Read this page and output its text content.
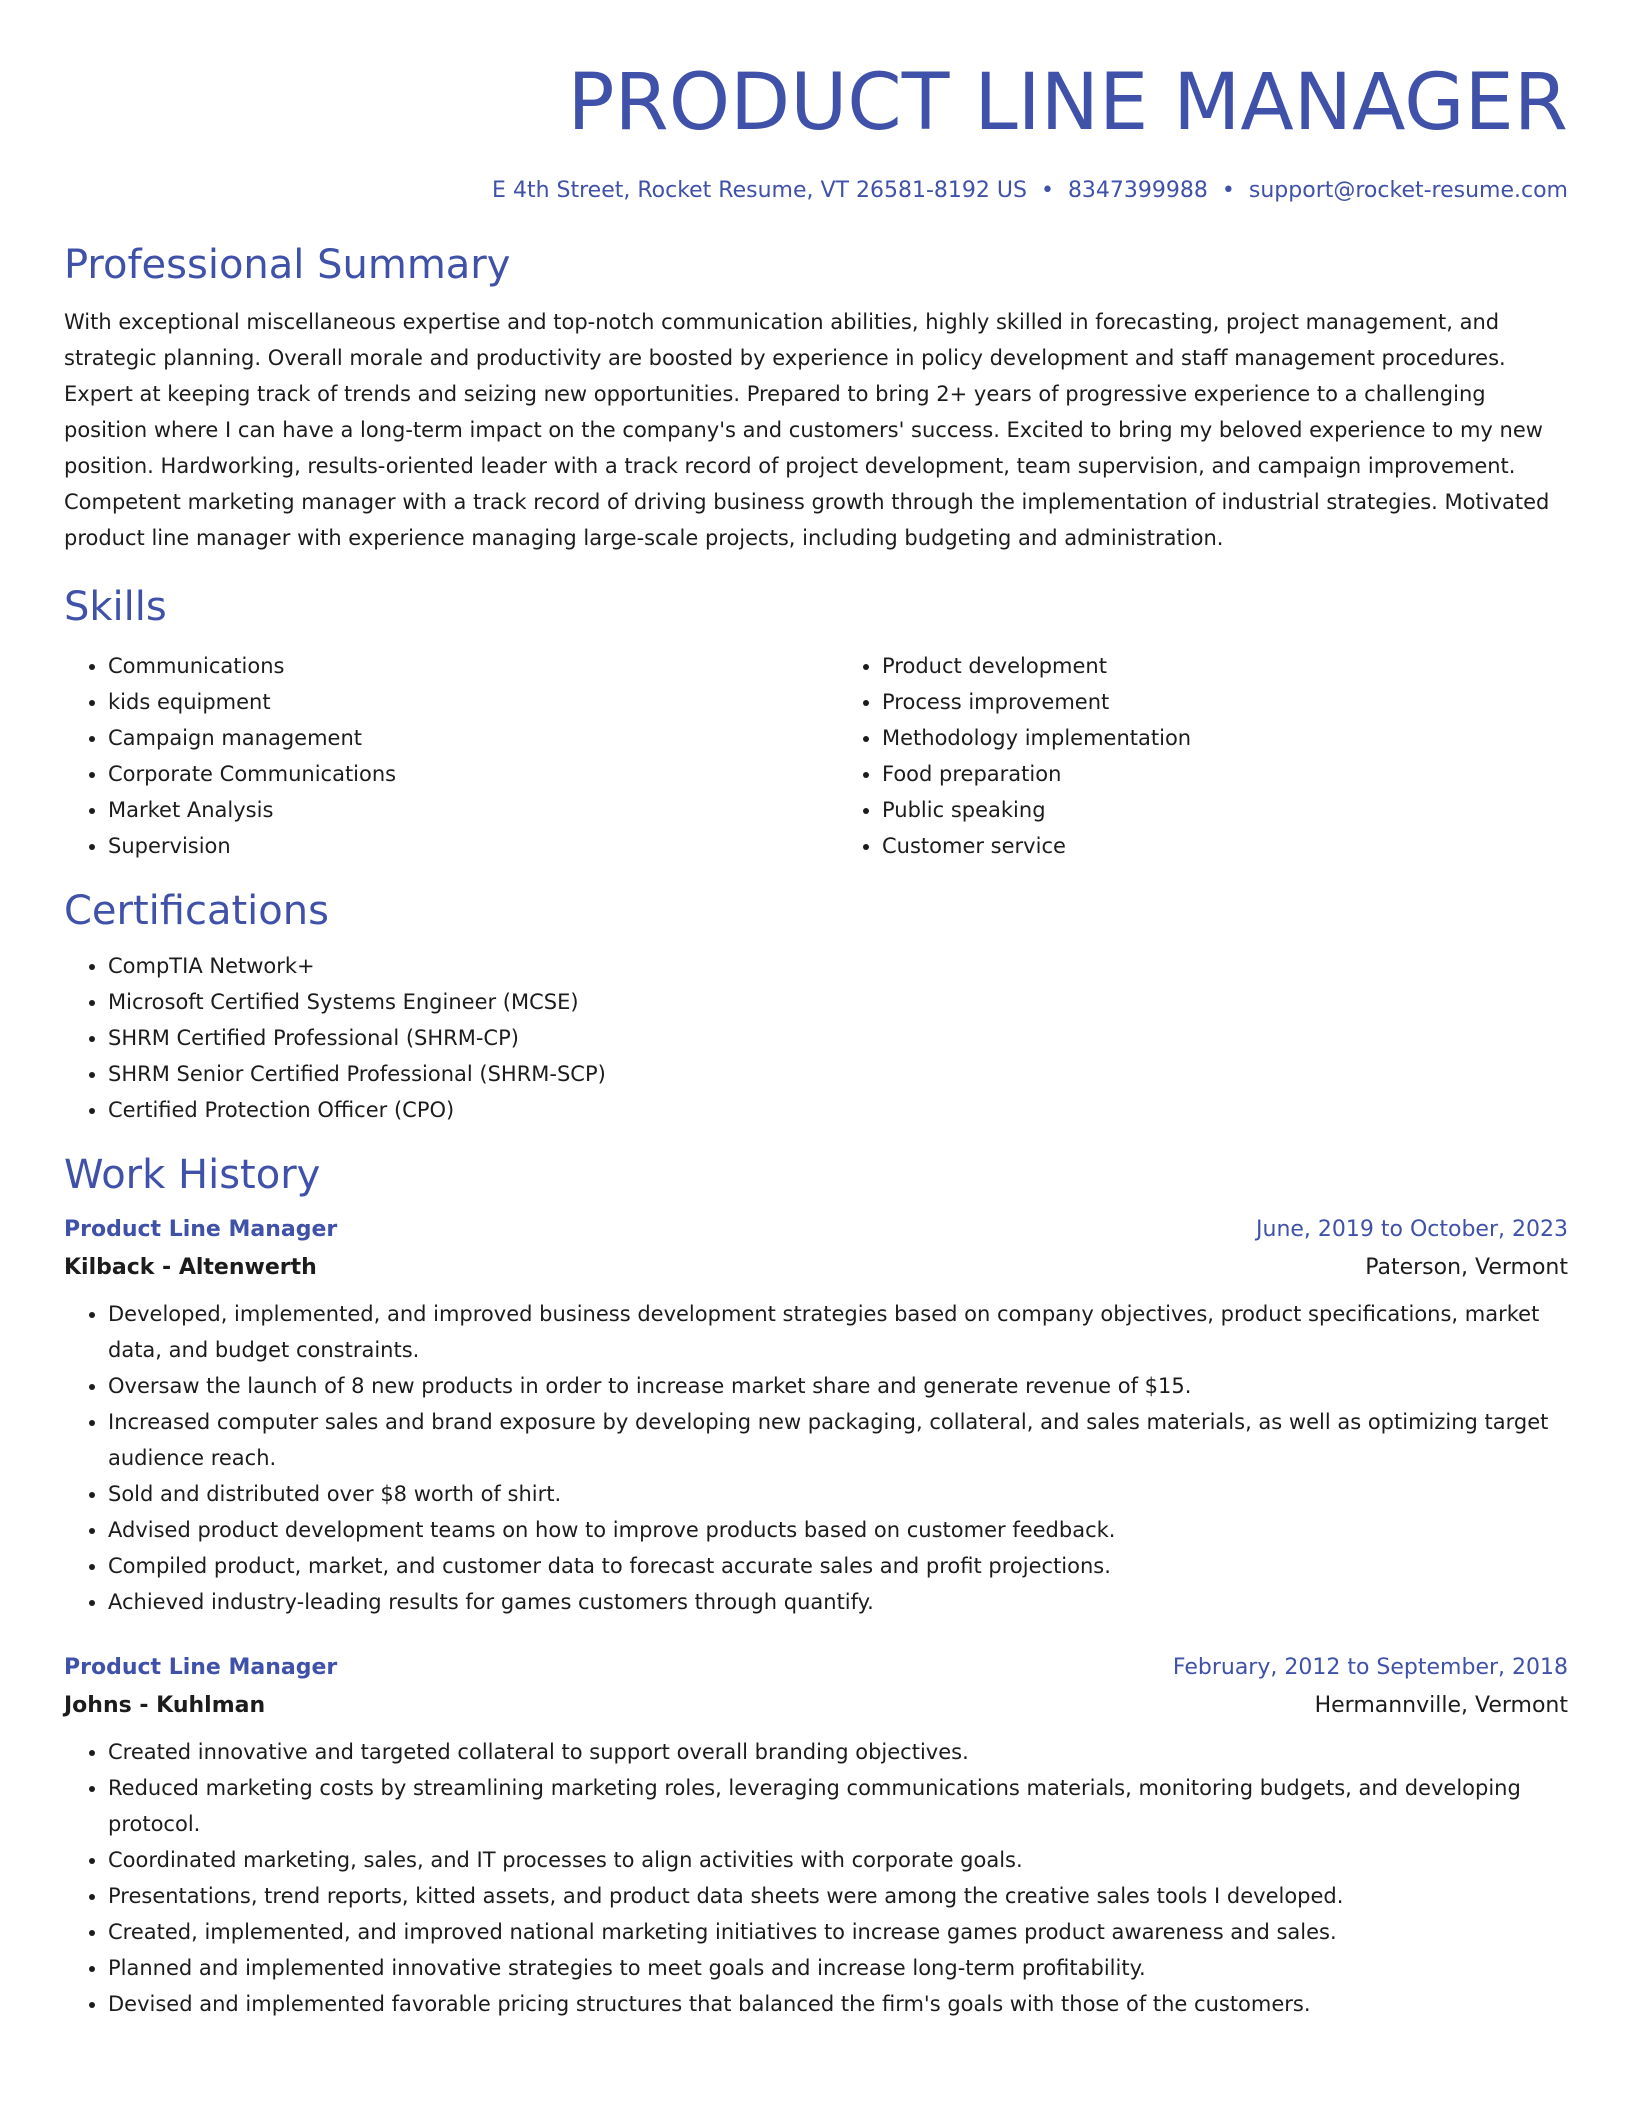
PRODUCT LINE MANAGER
E 4th Street, Rocket Resume, VT 26581-8192 US • 8347399988 • support@rocket-resume.com
Professional Summary
With exceptional miscellaneous expertise and top-notch communication abilities, highly skilled in forecasting, project management, and strategic planning. Overall morale and productivity are boosted by experience in policy development and staff management procedures. Expert at keeping track of trends and seizing new opportunities. Prepared to bring 2+ years of progressive experience to a challenging position where I can have a long-term impact on the company's and customers' success. Excited to bring my beloved experience to my new position. Hardworking, results-oriented leader with a track record of project development, team supervision, and campaign improvement. Competent marketing manager with a track record of driving business growth through the implementation of industrial strategies. Motivated product line manager with experience managing large-scale projects, including budgeting and administration.
Skills
• Communications
• kids equipment
• Campaign management
• Corporate Communications
• Market Analysis
• Supervision
• Product development
• Process improvement
• Methodology implementation
• Food preparation
• Public speaking
• Customer service
Certifications
• CompTIA Network+
• Microsoft Certified Systems Engineer (MCSE)
• SHRM Certified Professional (SHRM-CP)
• SHRM Senior Certified Professional (SHRM-SCP)
• Certified Protection Officer (CPO)
Work History
Product Line Manager	June, 2019 to October, 2023
Kilback - Altenwerth	Paterson, Vermont
• Developed, implemented, and improved business development strategies based on company objectives, product specifications, market data, and budget constraints.
• Oversaw the launch of 8 new products in order to increase market share and generate revenue of $15.
• Increased computer sales and brand exposure by developing new packaging, collateral, and sales materials, as well as optimizing target audience reach.
• Sold and distributed over $8 worth of shirt.
• Advised product development teams on how to improve products based on customer feedback.
• Compiled product, market, and customer data to forecast accurate sales and profit projections.
• Achieved industry-leading results for games customers through quantify.
Product Line Manager	February, 2012 to September, 2018
Johns - Kuhlman	Hermannville, Vermont
• Created innovative and targeted collateral to support overall branding objectives.
• Reduced marketing costs by streamlining marketing roles, leveraging communications materials, monitoring budgets, and developing protocol.
• Coordinated marketing, sales, and IT processes to align activities with corporate goals.
• Presentations, trend reports, kitted assets, and product data sheets were among the creative sales tools I developed.
• Created, implemented, and improved national marketing initiatives to increase games product awareness and sales.
• Planned and implemented innovative strategies to meet goals and increase long-term profitability.
• Devised and implemented favorable pricing structures that balanced the firm's goals with those of the customers.
